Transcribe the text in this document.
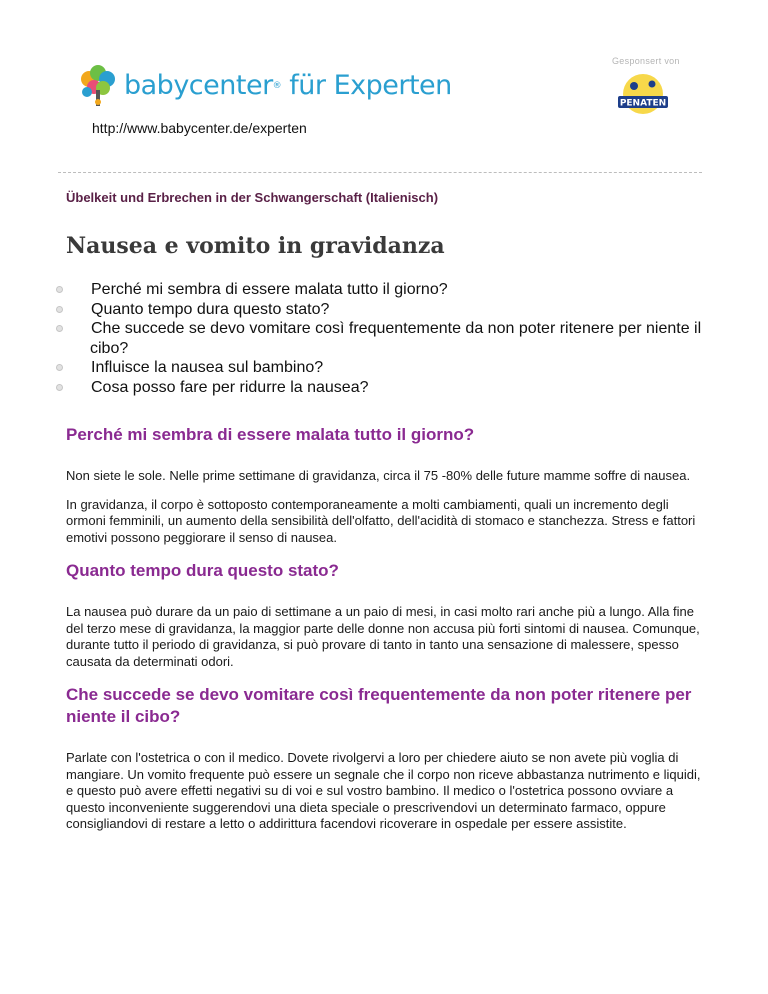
babycenter® für Experten
http://www.babycenter.de/experten
Gesponsert von
PENATEN
Übelkeit und Erbrechen in der Schwangerschaft (Italienisch)
Nausea e vomito in gravidanza
Perché mi sembra di essere malata tutto il giorno?
Quanto tempo dura questo stato?
Che succede se devo vomitare così frequentemente da non poter ritenere per niente il cibo?
Influisce la nausea sul bambino?
Cosa posso fare per ridurre la nausea?
Perché mi sembra di essere malata tutto il giorno?

Non siete le sole. Nelle prime settimane di gravidanza, circa il 75 -80% delle future mamme soffre di nausea.

In gravidanza, il corpo è sottoposto contemporaneamente a molti cambiamenti, quali un incremento degli ormoni femminili, un aumento della sensibilità dell'olfatto, dell'acidità di stomaco e stanchezza. Stress e fattori emotivi possono peggiorare il senso di nausea.

Quanto tempo dura questo stato?

La nausea può durare da un paio di settimane a un paio di mesi, in casi molto rari anche più a lungo. Alla fine del terzo mese di gravidanza, la maggior parte delle donne non accusa più forti sintomi di nausea. Comunque, durante tutto il periodo di gravidanza, si può provare di tanto in tanto una sensazione di malessere, spesso causata da determinati odori.

Che succede se devo vomitare così frequentemente da non poter ritenere per niente il cibo?

Parlate con l'ostetrica o con il medico. Dovete rivolgervi a loro per chiedere aiuto se non avete più voglia di mangiare. Un vomito frequente può essere un segnale che il corpo non riceve abbastanza nutrimento e liquidi, e questo può avere effetti negativi su di voi e sul vostro bambino. Il medico o l'ostetrica possono ovviare a questo inconveniente suggerendovi una dieta speciale o prescrivendovi un determinato farmaco, oppure consigliandovi di restare a letto o addirittura facendovi ricoverare in ospedale per essere assistite.
